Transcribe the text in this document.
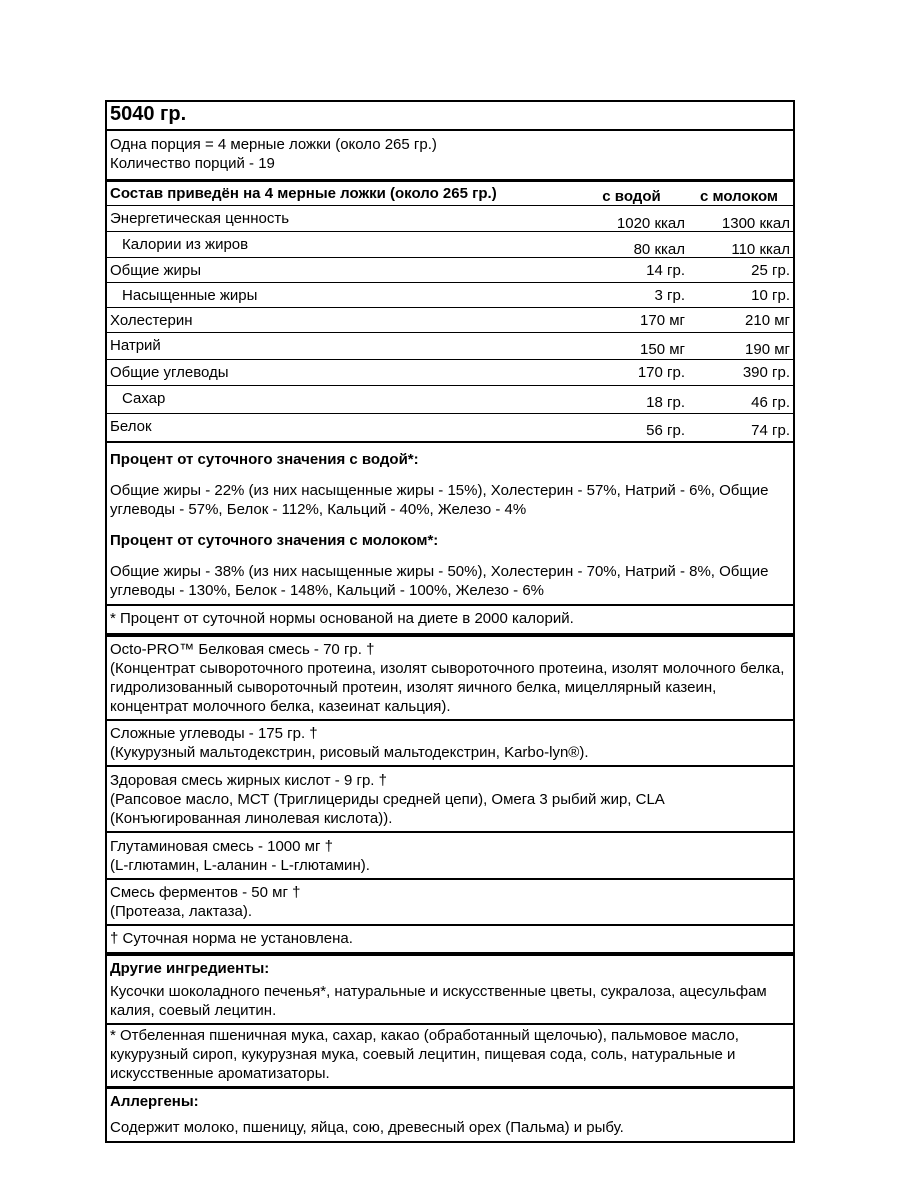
5040 гр.
Одна порция = 4 мерные ложки (около 265 гр.)
Количество порций - 19
Состав приведён на 4 мерные ложки (около 265 гр.)	с водой	с молоком
Энергетическая ценность	1020 ккал	1300 ккал
Калории из жиров	80 ккал	110 ккал
Общие жиры	14 гр.	25 гр.
Насыщенные жиры	3 гр.	10 гр.
Холестерин	170 мг	210 мг
Натрий	150 мг	190 мг
Общие углеводы	170 гр.	390 гр.
Сахар	18 гр.	46 гр.
Белок	56 гр.	74 гр.
Процент от суточного значения с водой*:
Общие жиры - 22% (из них насыщенные жиры - 15%), Холестерин - 57%, Натрий - 6%, Общие углеводы - 57%, Белок - 112%, Кальций - 40%, Железо - 4%
Процент от суточного значения с молоком*:
Общие жиры - 38% (из них насыщенные жиры - 50%), Холестерин - 70%, Натрий - 8%, Общие углеводы - 130%, Белок - 148%, Кальций - 100%, Железо - 6%
* Процент от суточной нормы основаной на диете в 2000 калорий.
Octo-PRO™ Белковая смесь - 70 гр. †
(Концентрат сывороточного протеина, изолят сывороточного протеина, изолят молочного белка, гидролизованный сывороточный протеин, изолят яичного белка, мицеллярный казеин, концентрат молочного белка, казеинат кальция).
Сложные углеводы - 175 гр. †
(Кукурузный мальтодекстрин, рисовый мальтодекстрин, Karbo-lyn®).
Здоровая смесь жирных кислот - 9 гр. †
(Рапсовое масло, МСТ (Триглицериды средней цепи), Омега 3 рыбий жир, CLA (Конъюгированная линолевая кислота)).
Глутаминовая смесь - 1000 мг †
(L-глютамин, L-аланин - L-глютамин).
Смесь ферментов - 50 мг †
(Протеаза, лактаза).
† Суточная норма не установлена.
Другие ингредиенты:
Кусочки шоколадного печенья*, натуральные и искусственные цветы, сукралоза, ацесульфам калия, соевый лецитин.
* Отбеленная пшеничная мука, сахар, какао (обработанный щелочью), пальмовое масло, кукурузный сироп, кукурузная мука, соевый лецитин, пищевая сода, соль, натуральные и искусственные ароматизаторы.
Аллергены:
Содержит молоко, пшеницу, яйца, сою, древесный орех (Пальма) и рыбу.
